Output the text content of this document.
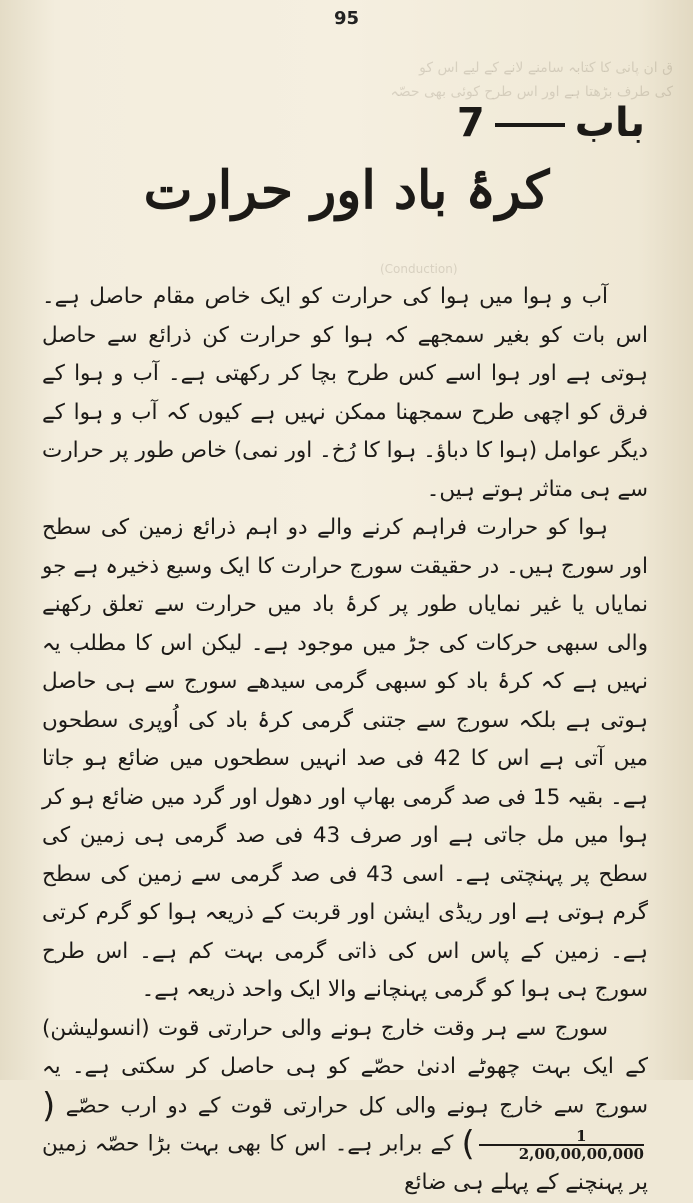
ق ان پانی کا کتابہ سامنے لانے کے لیے اس کو
کی طرف بڑھتا ہے اور اس طرح کوئی بھی حصّہ
(Conduction)
95
باب7
کرۂ باد اور حرارت

آب و ہوا میں ہوا کی حرارت کو ایک خاص مقام حاصل ہے۔ اس بات کو بغیر سمجھے کہ ہوا کو حرارت کن ذرائع سے حاصل ہوتی ہے اور ہوا اسے کس طرح بچا کر رکھتی ہے۔ آب و ہوا کے فرق کو اچھی طرح سمجھنا ممکن نہیں ہے کیوں کہ آب و ہوا کے دیگر عوامل (ہوا کا دباؤ۔ ہوا کا رُخ۔ اور نمی) خاص طور پر حرارت سے ہی متاثر ہوتے ہیں۔

ہوا کو حرارت فراہم کرنے والے دو اہم ذرائع زمین کی سطح اور سورج ہیں۔ در حقیقت سورج حرارت کا ایک وسیع ذخیرہ ہے جو نمایاں یا غیر نمایاں طور پر کرۂ باد میں حرارت سے تعلق رکھنے والی سبھی حرکات کی جڑ میں موجود ہے۔ لیکن اس کا مطلب یہ نہیں ہے کہ کرۂ باد کو سبھی گرمی سیدھے سورج سے ہی حاصل ہوتی ہے بلکہ سورج سے جتنی گرمی کرۂ باد کی اُوپری سطحوں میں آتی ہے اس کا 42 فی صد انہیں سطحوں میں ضائع ہو جاتا ہے۔ بقیہ 15 فی صد گرمی بھاپ اور دھول اور گرد میں ضائع ہو کر ہوا میں مل جاتی ہے اور صرف 43 فی صد گرمی ہی زمین کی سطح پر پہنچتی ہے۔ اسی 43 فی صد گرمی سے زمین کی سطح گرم ہوتی ہے اور ریڈی ایشن اور قربت کے ذریعہ ہوا کو گرم کرتی ہے۔ زمین کے پاس اس کی ذاتی گرمی بہت کم ہے۔ اس طرح سورج ہی ہوا کو گرمی پہنچانے والا ایک واحد ذریعہ ہے۔

سورج سے ہر وقت خارج ہونے والی حرارتی قوت (انسولیشن) کے ایک بہت چھوٹے ادنیٰ حصّے کو ہی حاصل کر سکتی ہے۔ یہ سورج سے خارج ہونے والی کل حرارتی قوت کے دو ارب حصّے (
$\frac{1}{2,00,00,00,000}$
) کے برابر ہے۔ اس کا بھی بہت بڑا حصّہ زمین پر پہنچنے کے پہلے ہی ضائع
